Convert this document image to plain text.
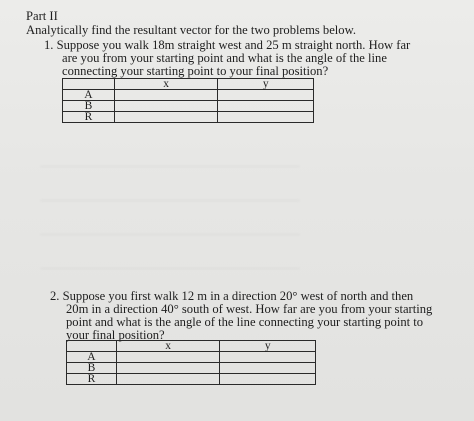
Part II
Analytically find the resultant vector for the two problems below.
1. Suppose you walk 18m straight west and 25 m straight north. How far
are you from your starting point and what is the angle of the line
connecting your starting point to your final position?
	x	y
A		
B		
R		
2. Suppose you first walk 12 m in a direction 20° west of north and then
20m in a direction 40° south of west. How far are you from your starting
point and what is the angle of the line connecting your starting point to
your final position?
	x	y
A		
B		
R		
